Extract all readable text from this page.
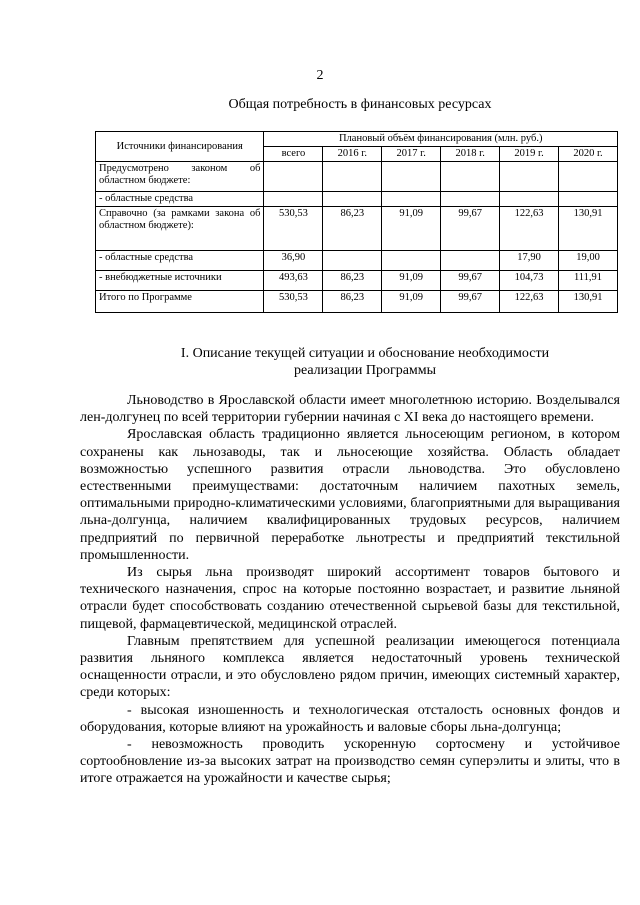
2
Общая потребность в финансовых ресурсах
Источники финансирования	Плановый объём финансирования (млн. руб.)					
	всего	2016 г.	2017 г.	2018 г.	2019 г.	2020 г.
Предусмотрено законом об областном бюджете:						
- областные средства						
Справочно (за рамками закона об областном бюджете):	530,53	86,23	91,09	99,67	122,63	130,91
- областные средства	36,90				17,90	19,00
- внебюджетные источники	493,63	86,23	91,09	99,67	104,73	111,91
Итого по Программе	530,53	86,23	91,09	99,67	122,63	130,91
I. Описание текущей ситуации и обоснование необходимости
реализации Программы

Льноводство в Ярославской области имеет многолетнюю историю. Возделывался лен-долгунец по всей территории губернии начиная с XI века до настоящего времени.

Ярославская область традиционно является льносеющим регионом, в котором сохранены как льнозаводы, так и льносеющие хозяйства. Область обладает возможностью успешного развития отрасли льноводства. Это обусловлено естественными преимуществами: достаточным наличием пахотных земель, оптимальными природно-климатическими условиями, благоприятными для выращивания льна-долгунца, наличием квалифицированных трудовых ресурсов, наличием предприятий по первичной переработке льнотресты и предприятий текстильной промышленности.

Из сырья льна производят широкий ассортимент товаров бытового и технического назначения, спрос на которые постоянно возрастает, и развитие льняной отрасли будет способствовать созданию отечественной сырьевой базы для текстильной, пищевой, фармацевтической, медицинской отраслей.

Главным препятствием для успешной реализации имеющегося потенциала развития льняного комплекса является недостаточный уровень технической оснащенности отрасли, и это обусловлено рядом причин, имеющих системный характер, среди которых:

- высокая изношенность и технологическая отсталость основных фондов и оборудования, которые влияют на урожайность и валовые сборы льна-долгунца;

- невозможность проводить ускоренную сортосмену и устойчивое сортообновление из-за высоких затрат на производство семян суперэлиты и элиты, что в итоге отражается на урожайности и качестве сырья;
